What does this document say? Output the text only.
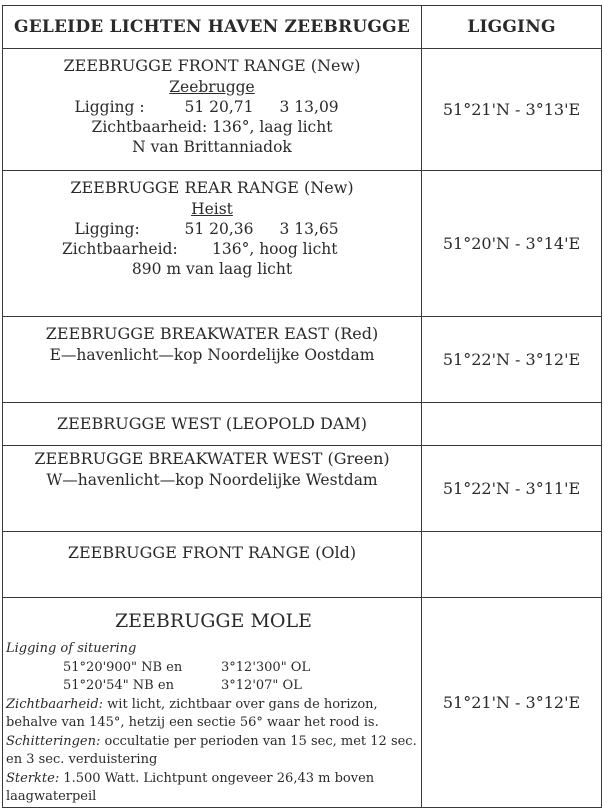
GELEIDE LICHTEN HAVEN ZEEBRUGGE	LIGGING

ZEEBRUGGE FRONT RANGE (New)
Zeebrugge
Ligging :	51 20,71	3 13,09
Zichtbaarheid: 136°, laag licht
N van Brittanniadok
	51°21'N - 3°13'E

ZEEBRUGGE REAR RANGE (New)
Heist
Ligging:	51 20,36	3 13,65
Zichtbaarheid:	136°, hoog licht
890 m van laag licht
	51°20'N - 3°14'E

ZEEBRUGGE BREAKWATER EAST (Red)
E—havenlicht—kop Noordelijke Oostdam	51°22'N - 3°12'E

ZEEBRUGGE WEST (LEOPOLD DAM)	

ZEEBRUGGE BREAKWATER WEST (Green)
W—havenlicht—kop Noordelijke Westdam	51°22'N - 3°11'E

ZEEBRUGGE FRONT RANGE (Old)	

ZEEBRUGGE MOLE
Ligging of situering
51°20'900" NB en	3°12'300" OL
51°20'54" NB en	3°12'07" OL
Zichtbaarheid: wit licht, zichtbaar over gans de horizon, behalve van 145°, hetzij een sectie 56° waar het rood is.
Schitteringen: occultatie per perioden van 15 sec, met 12 sec. en 3 sec. verduistering
Sterkte: 1.500 Watt. Lichtpunt ongeveer 26,43 m boven laagwaterpeil
	51°21'N - 3°12'E
